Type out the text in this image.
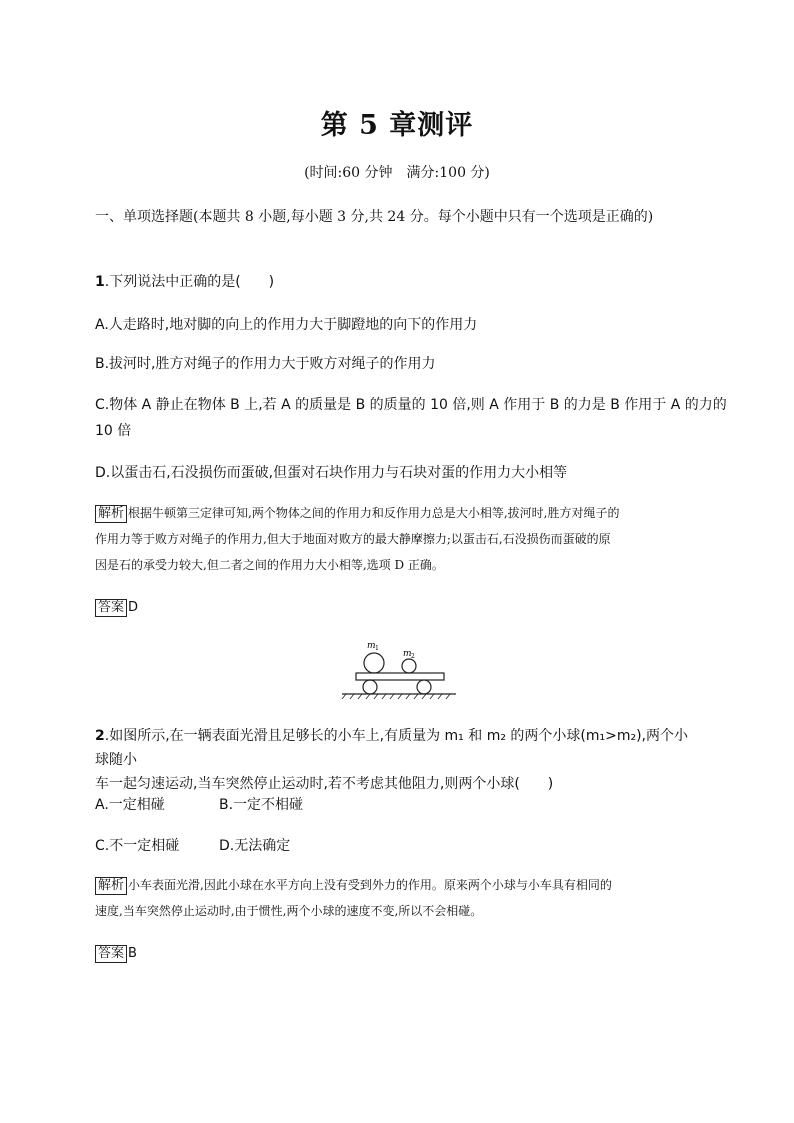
第 5 章测评
(时间:60 分钟　满分:100 分)
一、单项选择题(本题共 8 小题,每小题 3 分,共 24 分。每个小题中只有一个选项是正确的)
1.下列说法中正确的是(　　)
A.人走路时,地对脚的向上的作用力大于脚蹬地的向下的作用力
B.拔河时,胜方对绳子的作用力大于败方对绳子的作用力
C.物体 A 静止在物体 B 上,若 A 的质量是 B 的质量的 10 倍,则 A 作用于 B 的力是 B 作用于 A 的力的
10 倍
D.以蛋击石,石没损伤而蛋破,但蛋对石块作用力与石块对蛋的作用力大小相等
解析 根据牛顿第三定律可知,两个物体之间的作用力和反作用力总是大小相等,拔河时,胜方对绳子的
作用力等于败方对绳子的作用力,但大于地面对败方的最大静摩擦力;以蛋击石,石没损伤而蛋破的原
因是石的承受力较大,但二者之间的作用力大小相等,选项 D 正确。
答案 D
m 1
m 2
2.如图所示,在一辆表面光滑且足够长的小车上,有质量为 m₁ 和 m₂ 的两个小球(m₁>m₂),两个小球随小
车一起匀速运动,当车突然停止运动时,若不考虑其他阻力,则两个小球(　　)
A.一定相碰	B.一定不相碰
C.不一定相碰	D.无法确定
解析 小车表面光滑,因此小球在水平方向上没有受到外力的作用。原来两个小球与小车具有相同的
速度,当车突然停止运动时,由于惯性,两个小球的速度不变,所以不会相碰。
答案 B
